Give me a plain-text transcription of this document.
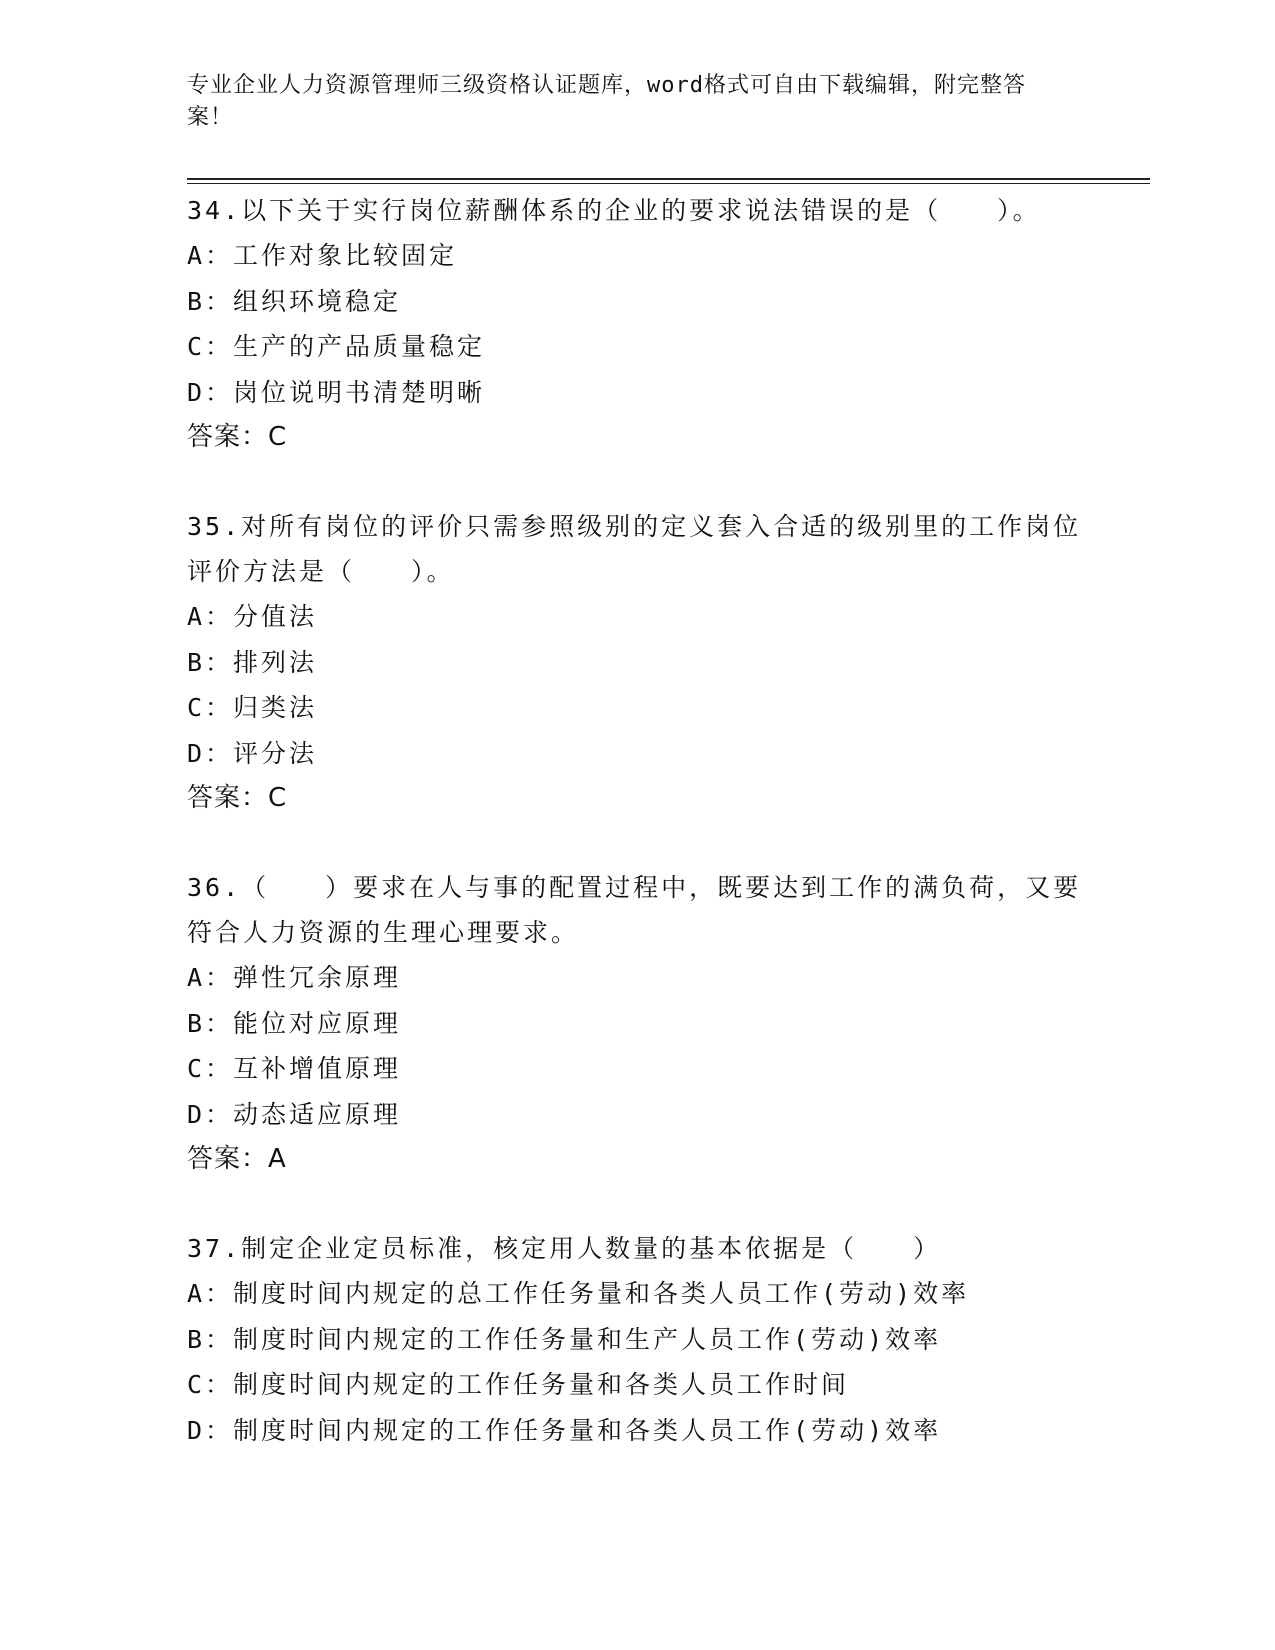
专业企业人力资源管理师三级资格认证题库，word格式可自由下载编辑，附完整答案！
34.以下关于实行岗位薪酬体系的企业的要求说法错误的是（　　）。
A：工作对象比较固定
B：组织环境稳定
C：生产的产品质量稳定
D：岗位说明书清楚明晰
答案：C
35.对所有岗位的评价只需参照级别的定义套入合适的级别里的工作岗位评价方法是（　　）。
A：分值法
B：排列法
C：归类法
D：评分法
答案：C
36.（　　）要求在人与事的配置过程中，既要达到工作的满负荷，又要符合人力资源的生理心理要求。
A：弹性冗余原理
B：能位对应原理
C：互补增值原理
D：动态适应原理
答案：A
37.制定企业定员标准，核定用人数量的基本依据是（　　）
A：制度时间内规定的总工作任务量和各类人员工作(劳动)效率
B：制度时间内规定的工作任务量和生产人员工作(劳动)效率
C：制度时间内规定的工作任务量和各类人员工作时间
D：制度时间内规定的工作任务量和各类人员工作(劳动)效率
